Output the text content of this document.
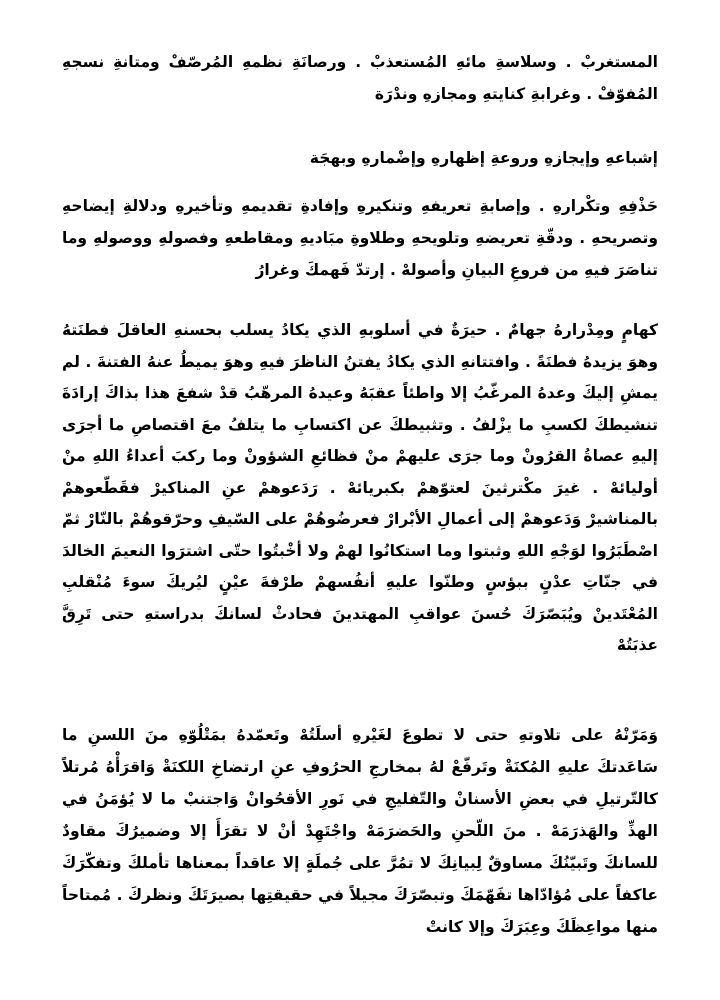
المستغربْ . وسلاسةِ مائهِ المُستعذبْ . ورصانَةِ نظمهِ المُرصّفْ ومتانةِ نسجهِ المُفوّفْ . وغرابةِ كنايتهِ ومجازهِ وندْرَة

إشباعهِ وإيجازهِ وروعةِ إظهارهِ وإضْمارهِ وبهجَة

حَذْفِهِ وتكْرارهِ . وإصابةِ تعريفهِ وتنكيرهِ وإفادةِ تقديمهِ وتأخيرهِ ودلالةِ إيضاحهِ وتصريحهِ . ودقّةِ تعريضهِ وتلويحهِ وطلاوةِ مبَاديهِ ومقاطعهِ وفصولهِ ووصولهِ وما تناصَرَ فيهِ من فروعِ البيانِ وأصولهْ . إرتدّ فَهمكَ وغرارُ

كهامٍ ومِدْرارهُ جهامٌ . حيرَةٌ في أسلوبهِ الذي يكادُ يسلب بحسنهِ العاقلَ فطنَتهُ وهوَ يزيدهُ فطنَةً . وافتتانهِ الذي يكادُ يفتنُ الناظرَ فيهِ وهوَ يميطُ عنهُ الفتنةَ . لم يمشِ إليكَ وعدهُ المرغّبُ إلا واطئاً عقبَهُ وعيدهُ المرهّبُ قدْ شفعَ هذا بذاكَ إرادَةَ تنشيطكَ لكسبِ ما يزْلفُ . وتثبيطكَ عن اكتسابِ ما يتلفُ معَ اقتصاصِ ما أجرَى إليهِ عصاةُ القرُونْ وما جرَى عليهمْ منْ فظائعِ الشؤونْ وما ركبَ أعداءُ اللهِ منْ أوليائهْ . غيرَ مكْترثينَ لعتوّهمْ بكبريائهْ . رَدَعوهمْ عنِ المناكيرْ فقَطّعوهمْ بالمناشيرْ وَدَعوهمْ إلى أعمالِ الأبْرارْ فعرضُوهُمْ على السّيفِ وحرّقوهُمْ بالنّارْ ثمّ اصْطَبَرُوا لوَجْهِ اللهِ وثبتوا وما استكانُوا لهمْ ولا أخْبتُوا حتّى اشترَوا النعيمَ الخالدَ في جنّاتِ عدْنٍ ببؤسٍ وطنّوا عليهِ أنفُسهمْ طرْفةَ عيْنٍ ليُريكَ سوءَ مُنْقلبِ المُعْتَدينْ ويُبَصّرَكَ حُسنَ عواقبِ المهتدينَ فحادثْ لسانكَ بدراستهِ حتى تَرِقَّ عذبَتُهْ

وَمَرّنْهُ على تلاوتهِ حتى لا تطوعَ لغَيْرهِ أسلَتُهْ وتَعمّدهُ بمَتْلُوّهِ منَ اللسنِ ما سَاعَدتكَ عليهِ المُكنَةْ وتَرفّعْ لهُ بمخارجِ الحرُوفِ عنِ ارتضاخِ اللكنَةْ وَاقرَأْهُ مُرتلاً كالتّرتيلِ في بعضِ الأسنانْ والتّفليجِ في نَورِ الأقحُوانْ وَاجتنبْ ما لا يُؤمَنُ في الهذِّ والهَذرَمَهْ . منَ اللّحنِ والحَضرَمَهْ واجْتَهِدْ أنْ لا تقرَأَ إلا وضميرُكَ مقاودٌ للسانكَ وتَبيّنُكَ مساوقٌ لِبيانِكَ لا تمُرَّ على جُملَةٍ إلا عاقداً بمعناها تأملكَ وتفكّرَكَ عاكفاً على مُؤادّاها تفَهّمَكَ وتبصّرَكَ مجيلاً في حقيقتِها بصيرَتَكَ ونظركَ . مُمتاحاً منها مواعِظَكَ وعِبَرَكَ وإلا كانتْ
